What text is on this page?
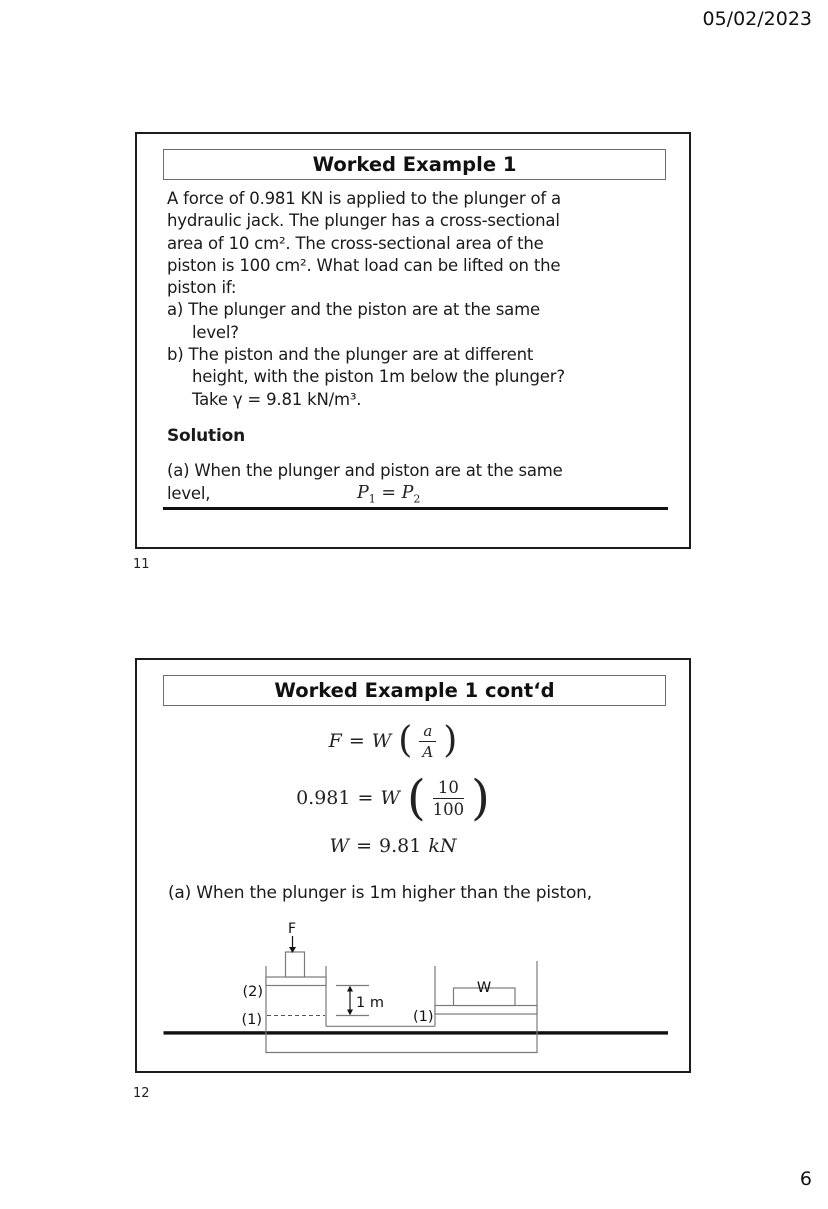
05/02/2023
Worked Example 1
A force of 0.981 KN is applied to the plunger of a
hydraulic jack. The plunger has a cross-sectional
area of 10 cm². The cross-sectional area of the
piston is 100 cm². What load can be lifted on the
piston if:
a) The plunger and the piston are at the same
level?
b) The piston and the plunger are at different
height, with the piston 1m below the plunger?
Take γ = 9.81 kN/m³.
Solution
(a) When the plunger and piston are at the same
level,	$P_1 = P_2$
11
Worked Example 1 cont‘d
F = W ( $\frac{a}{A}$ )
0.981 = W ( $\frac{10}{100}$ )
W = 9.81 kN
(a) When the plunger is 1m higher than the piston,
F
(2)
(1)
1 m
W
(1)
12
6
